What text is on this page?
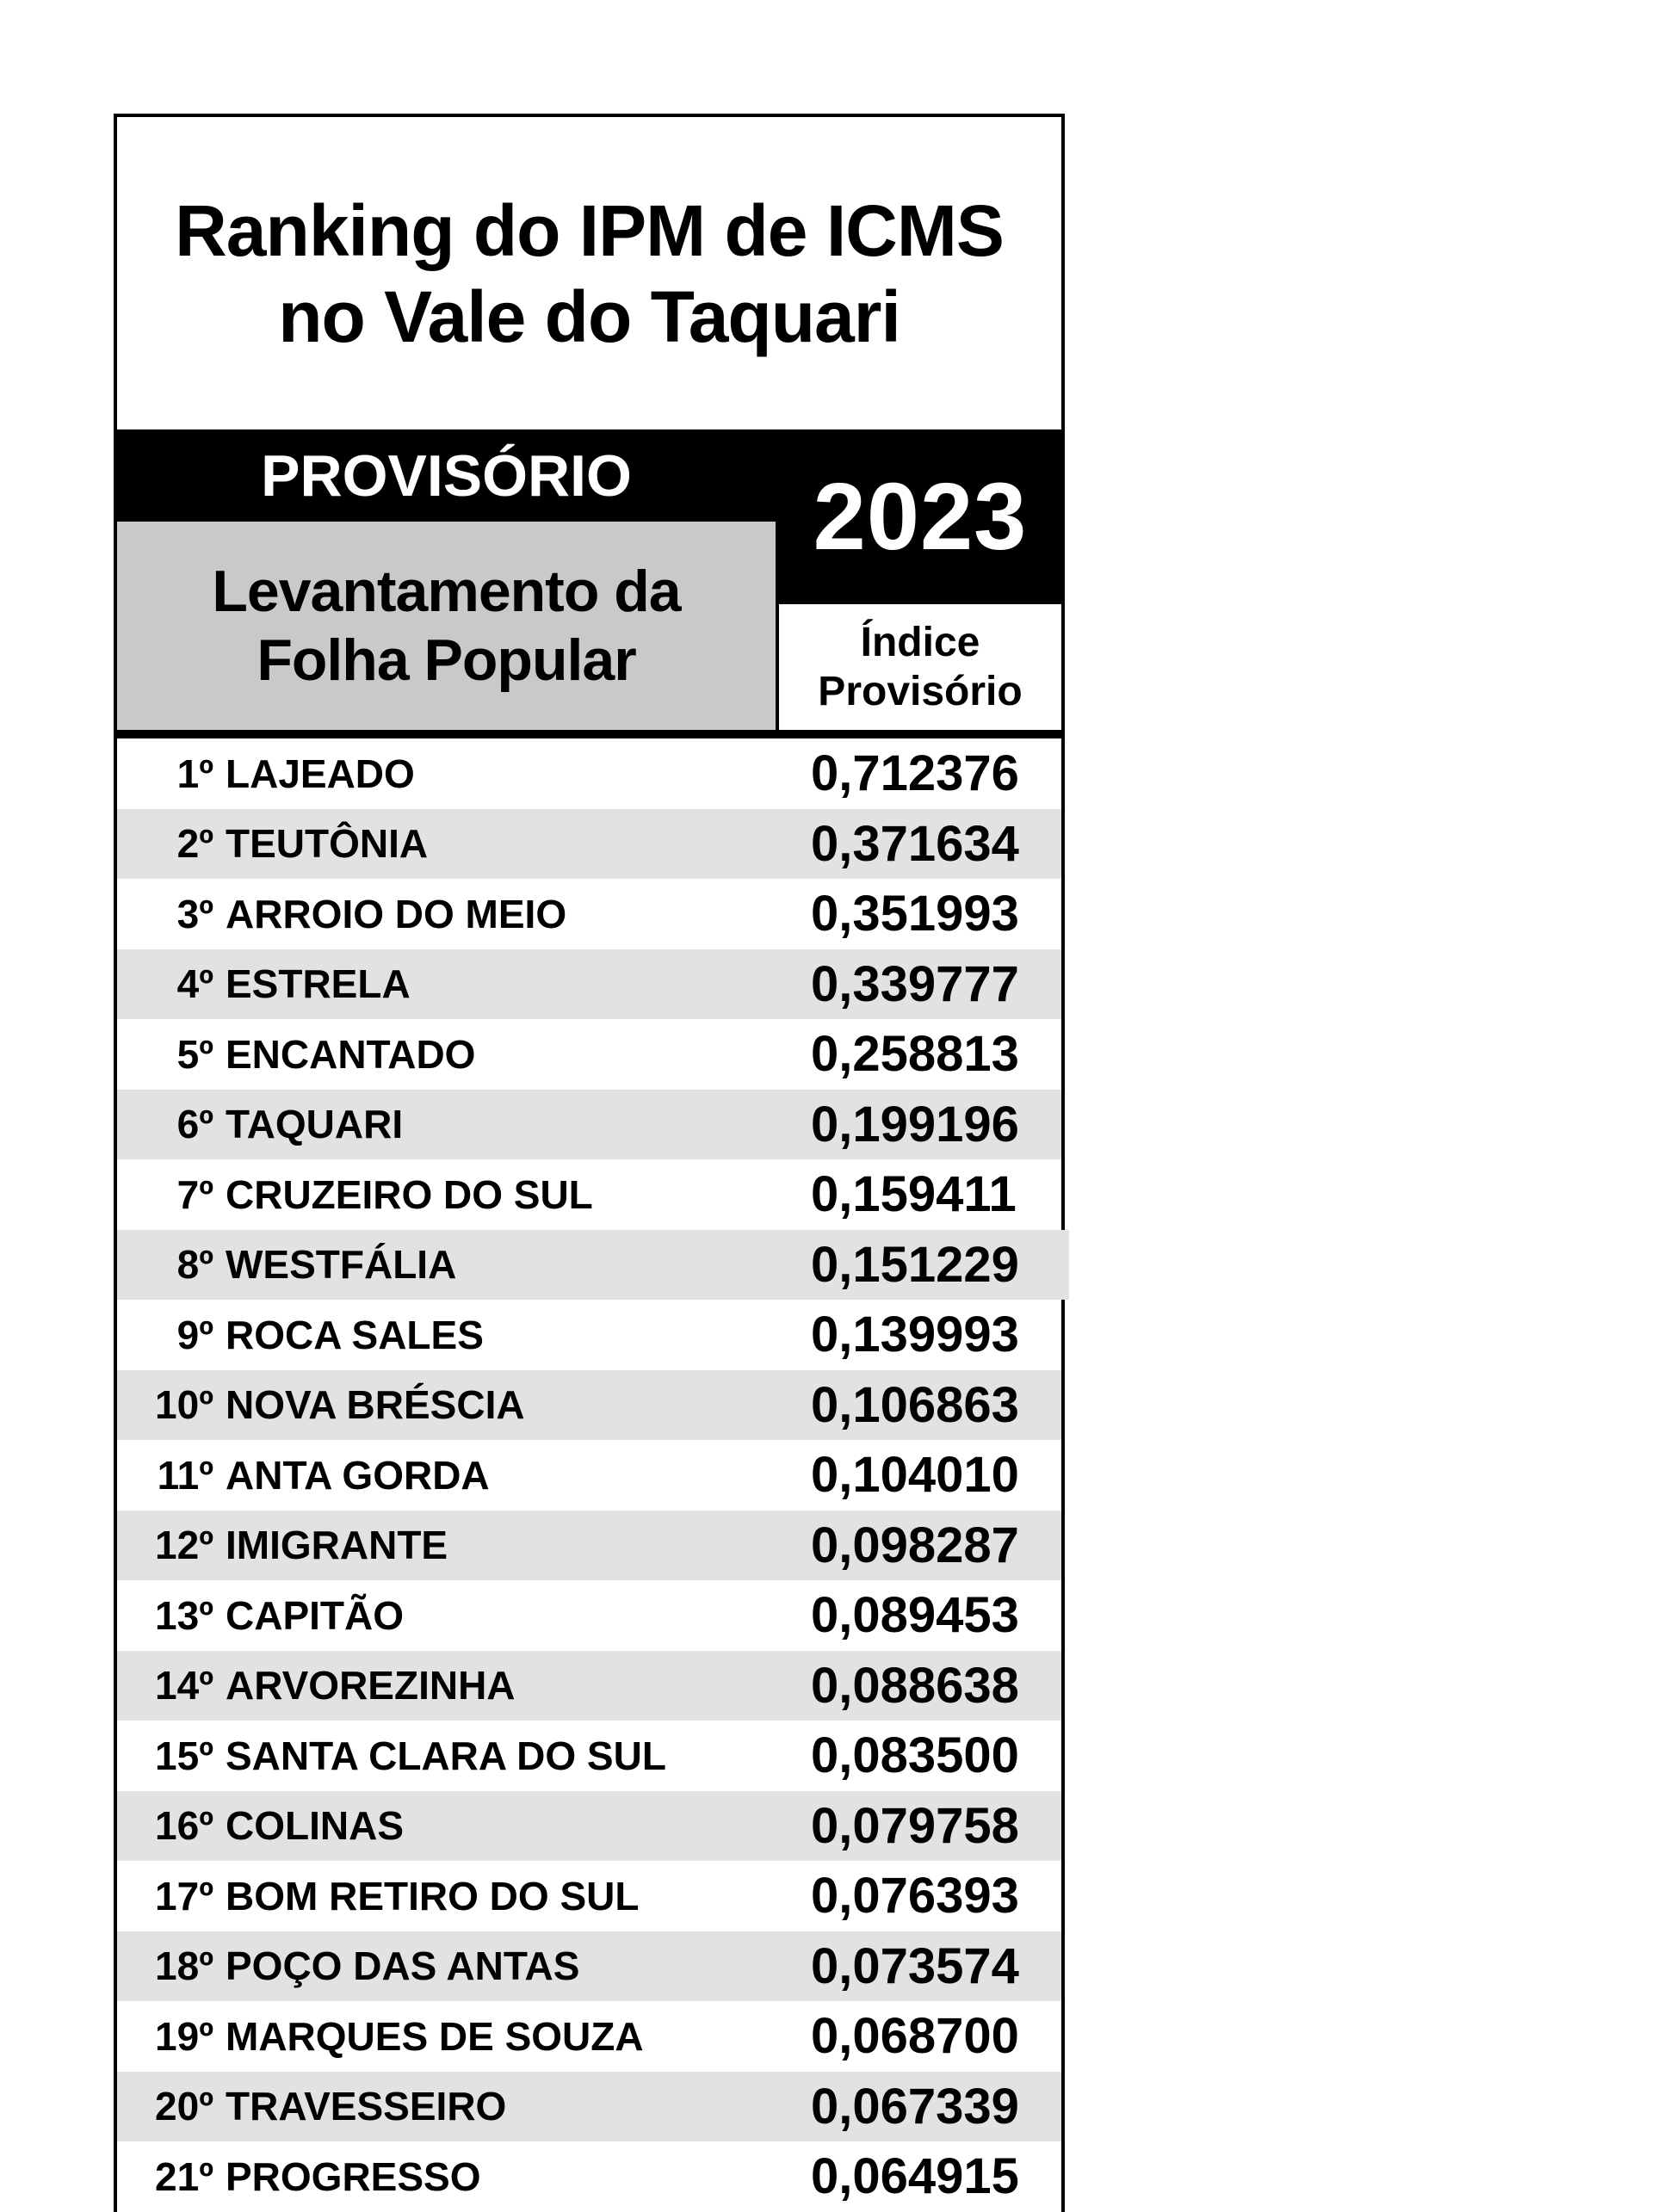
Ranking do IPM de ICMS
no Vale do Taquari
PROVISÓRIO	2023
Levantamento da
Folha Popular	Índice
Provisório
1º LAJEADO	0,712376
2º TEUTÔNIA	0,371634
3º ARROIO DO MEIO	0,351993
4º ESTRELA	0,339777
5º ENCANTADO	0,258813
6º TAQUARI	0,199196
7º CRUZEIRO DO SUL	0,159411
8º WESTFÁLIA	0,151229
9º ROCA SALES	0,139993
10º NOVA BRÉSCIA	0,106863
11º ANTA GORDA	0,104010
12º IMIGRANTE	0,098287
13º CAPITÃO	0,089453
14º ARVOREZINHA	0,088638
15º SANTA CLARA DO SUL	0,083500
16º COLINAS	0,079758
17º BOM RETIRO DO SUL	0,076393
18º POÇO DAS ANTAS	0,073574
19º MARQUES DE SOUZA	0,068700
20º TRAVESSEIRO	0,067339
21º PROGRESSO	0,064915
